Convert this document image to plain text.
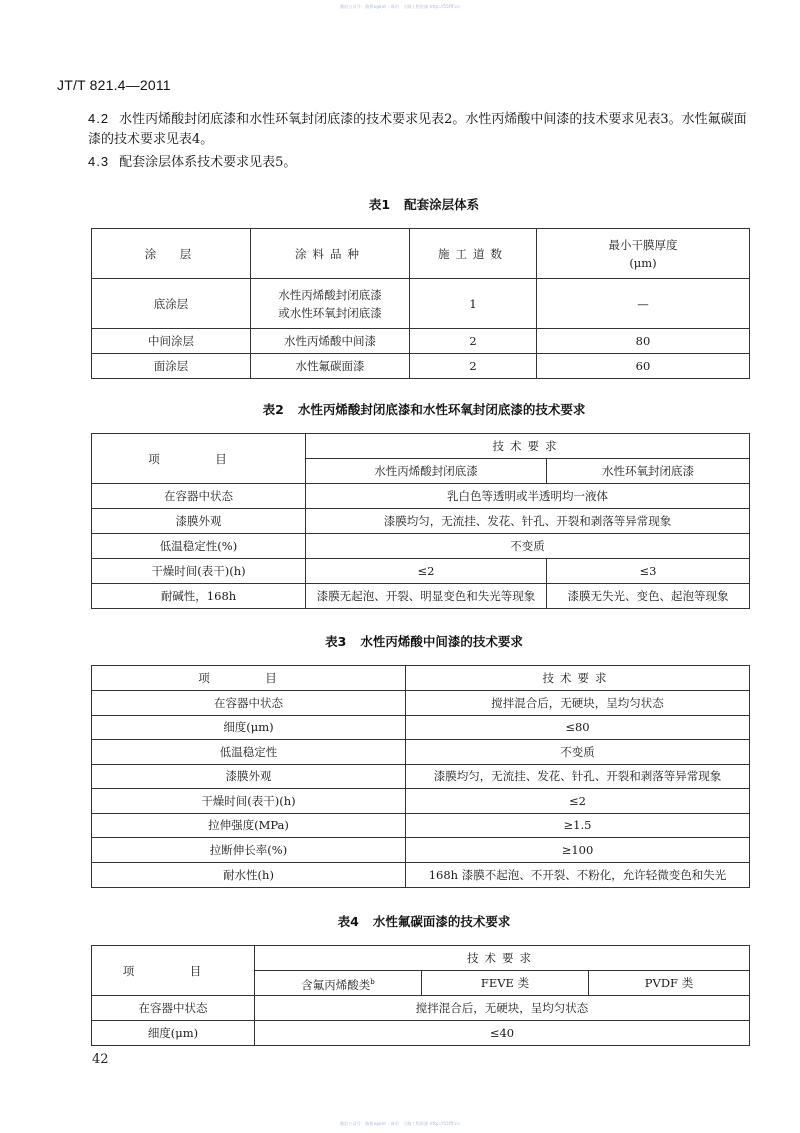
微信公众号：路桥agent · 网站：大路工程资源 http://55fff.cn
JT/T 821.4—2011
4.2 水性丙烯酸封闭底漆和水性环氧封闭底漆的技术要求见表2。水性丙烯酸中间漆的技术要求见表3。水性氟碳面漆的技术要求见表4。
4.3 配套涂层体系技术要求见表5。
表1 配套涂层体系
涂　层	涂料品种	施工道数	最小干膜厚度
(μm)

底涂层	水性丙烯酸封闭底漆
或水性环氧封闭底漆	1	—
中间涂层	水性丙烯酸中间漆	2	80
面涂层	水性氟碳面漆	2	60
表2 水性丙烯酸封闭底漆和水性环氧封闭底漆的技术要求
项　目	技术要求	
	水性丙烯酸封闭底漆	水性环氧封闭底漆
在容器中状态	乳白色等透明或半透明均一液体	
漆膜外观	漆膜均匀，无流挂、发花、针孔、开裂和剥落等异常现象	
低温稳定性(%)	不变质	
干燥时间(表干)(h)	≤2	≤3
耐碱性，168h	漆膜无起泡、开裂、明显变色和失光等现象	漆膜无失光、变色、起泡等现象
表3 水性丙烯酸中间漆的技术要求
项　目	技术要求
在容器中状态	搅拌混合后，无硬块，呈均匀状态
细度(μm)	≤80
低温稳定性	不变质
漆膜外观	漆膜均匀，无流挂、发花、针孔、开裂和剥落等异常现象
干燥时间(表干)(h)	≤2
拉伸强度(MPa)	≥1.5
拉断伸长率(%)	≥100
耐水性(h)	168h 漆膜不起泡、不开裂、不粉化，允许轻微变色和失光
表4 水性氟碳面漆的技术要求
项　目	技术要求		
	含氟丙烯酸类$^b$	FEVE 类	PVDF 类
在容器中状态	搅拌混合后，无硬块，呈均匀状态		
细度(μm)	≤40		
42
微信公众号：路桥agent · 网站：大路工程资源 http://55fff.cn
